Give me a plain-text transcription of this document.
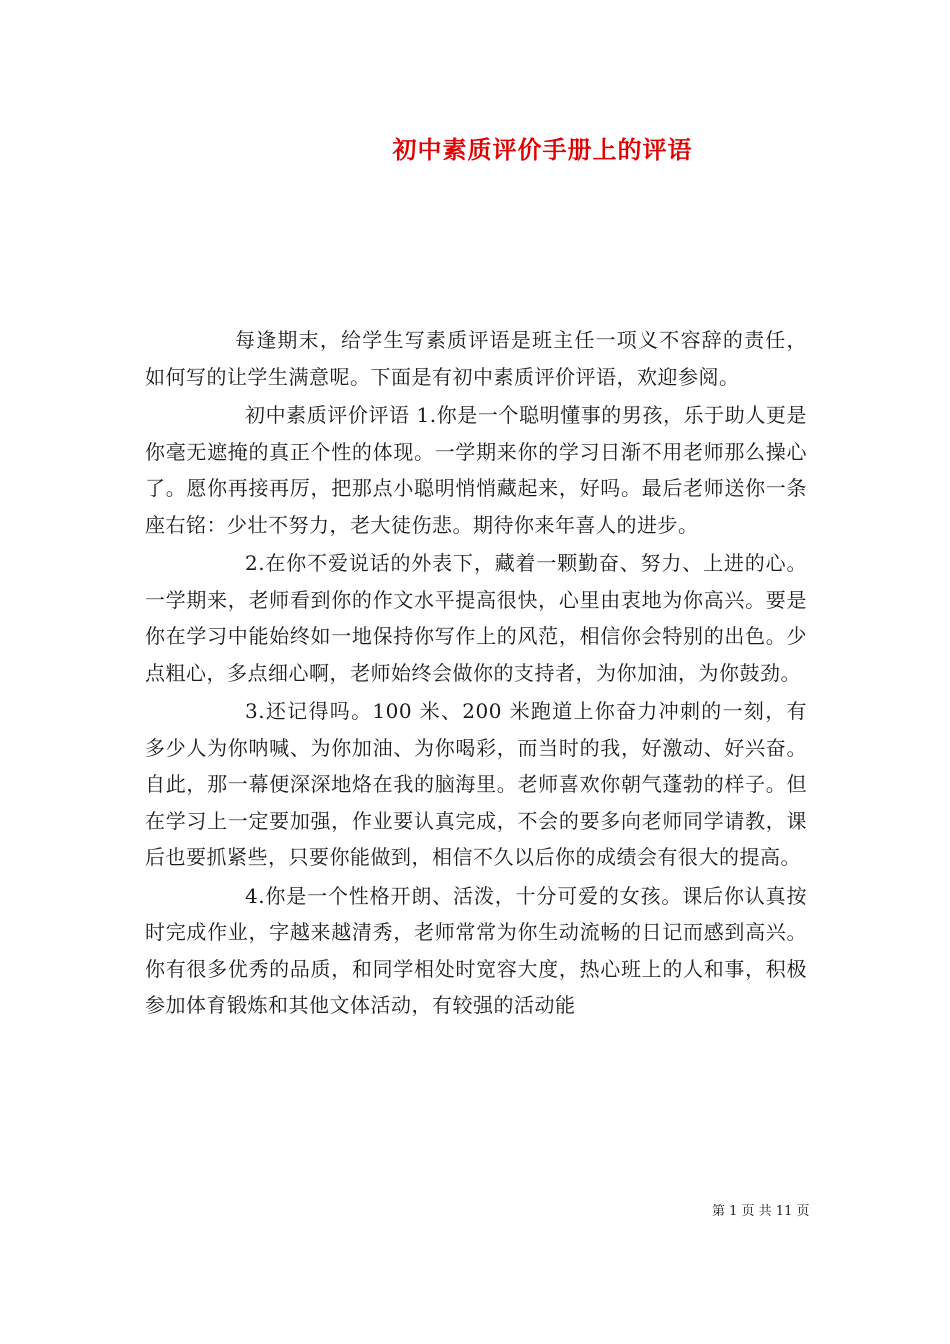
初中素质评价手册上的评语

每逢期末，给学生写素质评语是班主任一项义不容辞的责任，如何写的让学生满意呢。下面是有初中素质评价评语，欢迎参阅。

初中素质评价评语 1.你是一个聪明懂事的男孩，乐于助人更是你毫无遮掩的真正个性的体现。一学期来你的学习日渐不用老师那么操心了。愿你再接再厉，把那点小聪明悄悄藏起来，好吗。最后老师送你一条座右铭：少壮不努力，老大徒伤悲。期待你来年喜人的进步。

2.在你不爱说话的外表下，藏着一颗勤奋、努力、上进的心。一学期来，老师看到你的作文水平提高很快，心里由衷地为你高兴。要是你在学习中能始终如一地保持你写作上的风范，相信你会特别的出色。少点粗心，多点细心啊，老师始终会做你的支持者，为你加油，为你鼓劲。

3.还记得吗。100 米、200 米跑道上你奋力冲刺的一刻，有多少人为你呐喊、为你加油、为你喝彩，而当时的我，好激动、好兴奋。自此，那一幕便深深地烙在我的脑海里。老师喜欢你朝气蓬勃的样子。但在学习上一定要加强，作业要认真完成，不会的要多向老师同学请教，课后也要抓紧些，只要你能做到，相信不久以后你的成绩会有很大的提高。

4.你是一个性格开朗、活泼，十分可爱的女孩。课后你认真按时完成作业，字越来越清秀，老师常常为你生动流畅的日记而感到高兴。你有很多优秀的品质，和同学相处时宽容大度，热心班上的人和事，积极参加体育锻炼和其他文体活动，有较强的活动能

第 1 页 共 11 页
